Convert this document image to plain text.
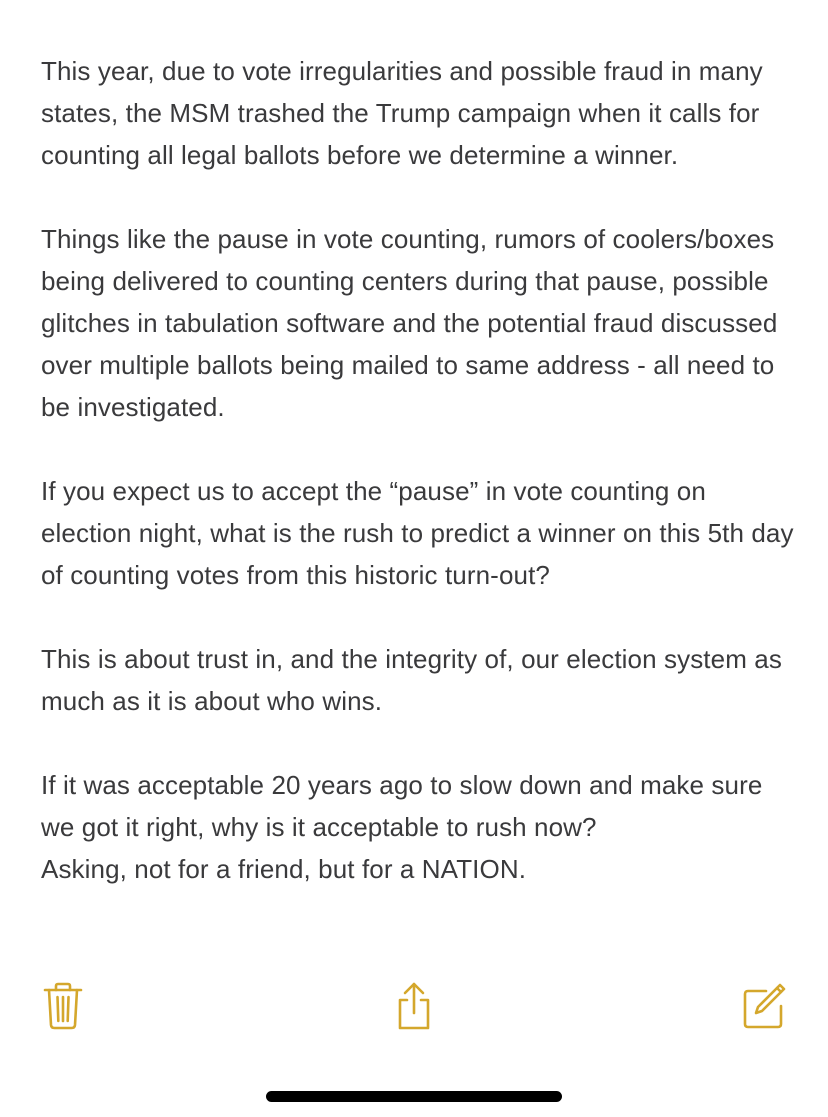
This year, due to vote irregularities and possible fraud in many states, the MSM trashed the Trump campaign when it calls for counting all legal ballots before we determine a winner.

Things like the pause in vote counting, rumors of coolers/boxes being delivered to counting centers during that pause, possible glitches in tabulation software and the potential fraud discussed over multiple ballots being mailed to same address - all need to be investigated.

If you expect us to accept the “pause” in vote counting on election night, what is the rush to predict a winner on this 5th day of counting votes from this historic turn-out?

This is about trust in, and the integrity of, our election system as much as it is about who wins.

If it was acceptable 20 years ago to slow down and make sure we got it right, why is it acceptable to rush now?
Asking, not for a friend, but for a NATION.
